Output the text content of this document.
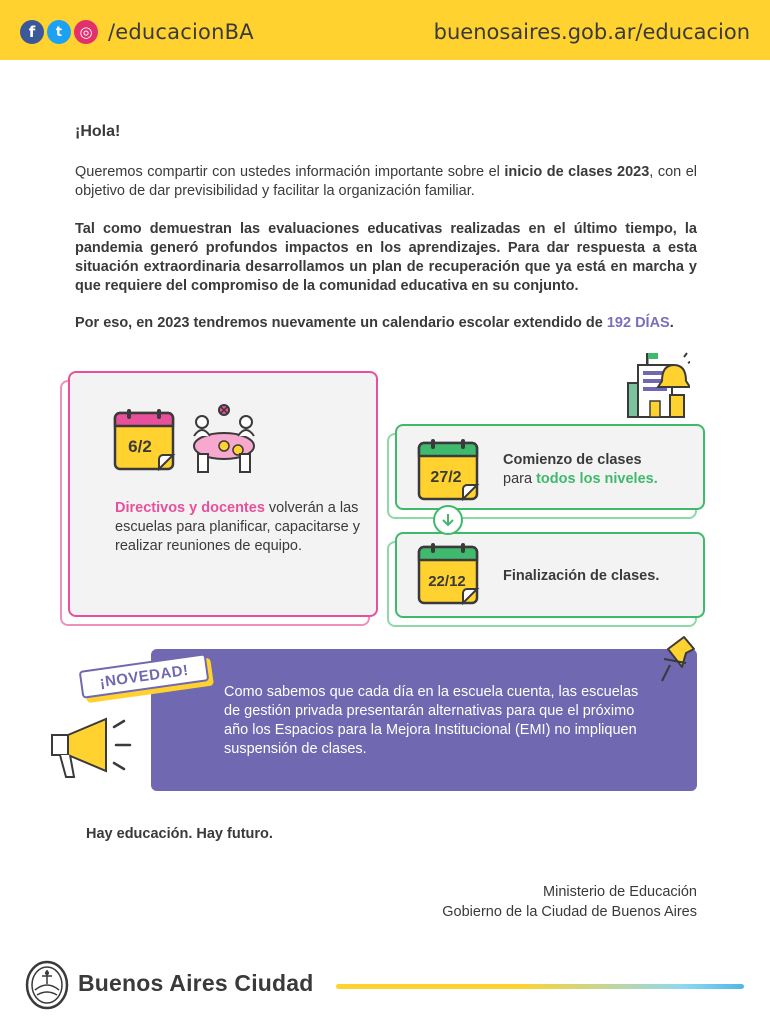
f	t	◎ /educacionBA	buenosaires.gob.ar/educacion
¡Hola!

Queremos compartir con ustedes información importante sobre el inicio de clases 2023, con el objetivo de dar previsibilidad y facilitar la organización familiar.

Tal como demuestran las evaluaciones educativas realizadas en el último tiempo, la pandemia generó profundos impactos en los aprendizajes. Para dar respuesta a esta situación extraordinaria desarrollamos un plan de recuperación que ya está en marcha y que requiere del compromiso de la comunidad educativa en su conjunto.

Por eso, en 2023 tendremos nuevamente un calendario escolar extendido de 192 DÍAS.

6/2

Directivos y docentes volverán a las escuelas para planificar, capacitarse y realizar reuniones de equipo.

27/2
Comienzo de clases
para todos los niveles.
22/12	Finalización de clases.

Como sabemos que cada día en la escuela cuenta, las escuelas de gestión privada presentarán alternativas para que el próximo año los Espacios para la Mejora Institucional (EMI) no impliquen suspensión de clases.

¡NOVEDAD!
Hay educación. Hay futuro.
Ministerio de Educación
Gobierno de la Ciudad de Buenos Aires
Buenos Aires Ciudad
